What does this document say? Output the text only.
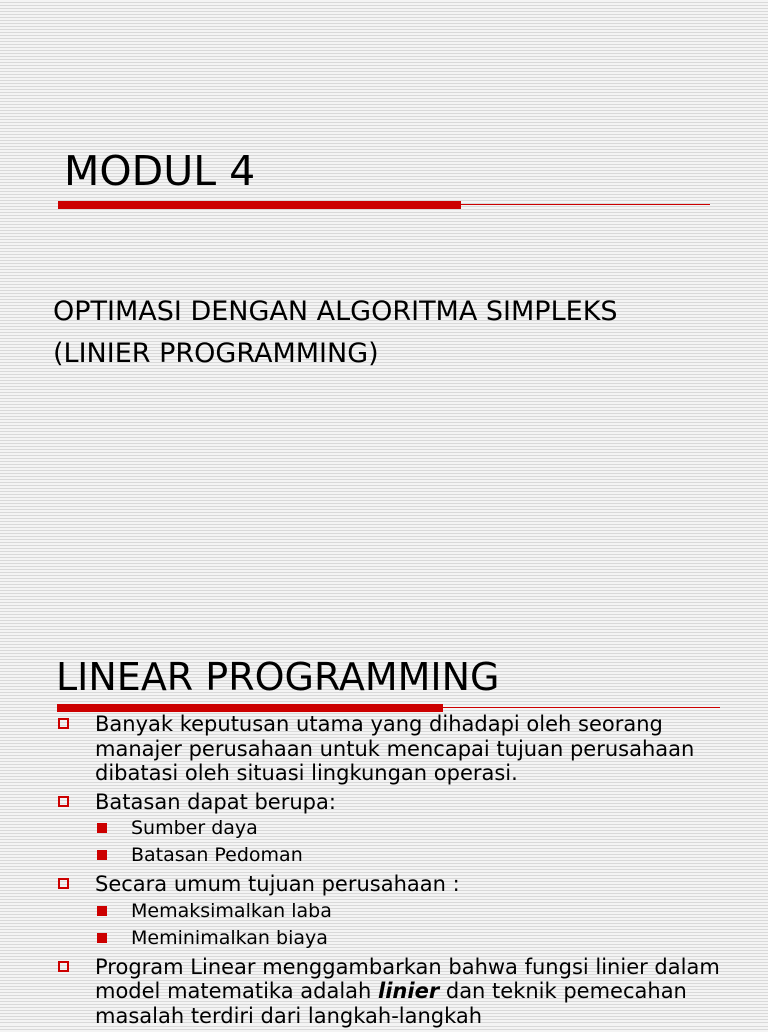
MODUL 4
OPTIMASI DENGAN ALGORITMA SIMPLEKS
(LINIER PROGRAMMING)
LINEAR PROGRAMMING
Banyak keputusan utama yang dihadapi oleh seorang manajer perusahaan untuk mencapai tujuan perusahaan dibatasi oleh situasi lingkungan operasi.
Batasan dapat berupa:
Sumber daya
Batasan Pedoman
Secara umum tujuan perusahaan :
Memaksimalkan laba
Meminimalkan biaya
Program Linear menggambarkan bahwa fungsi linier dalam model matematika adalah linier dan teknik pemecahan masalah terdiri dari langkah-langkah
